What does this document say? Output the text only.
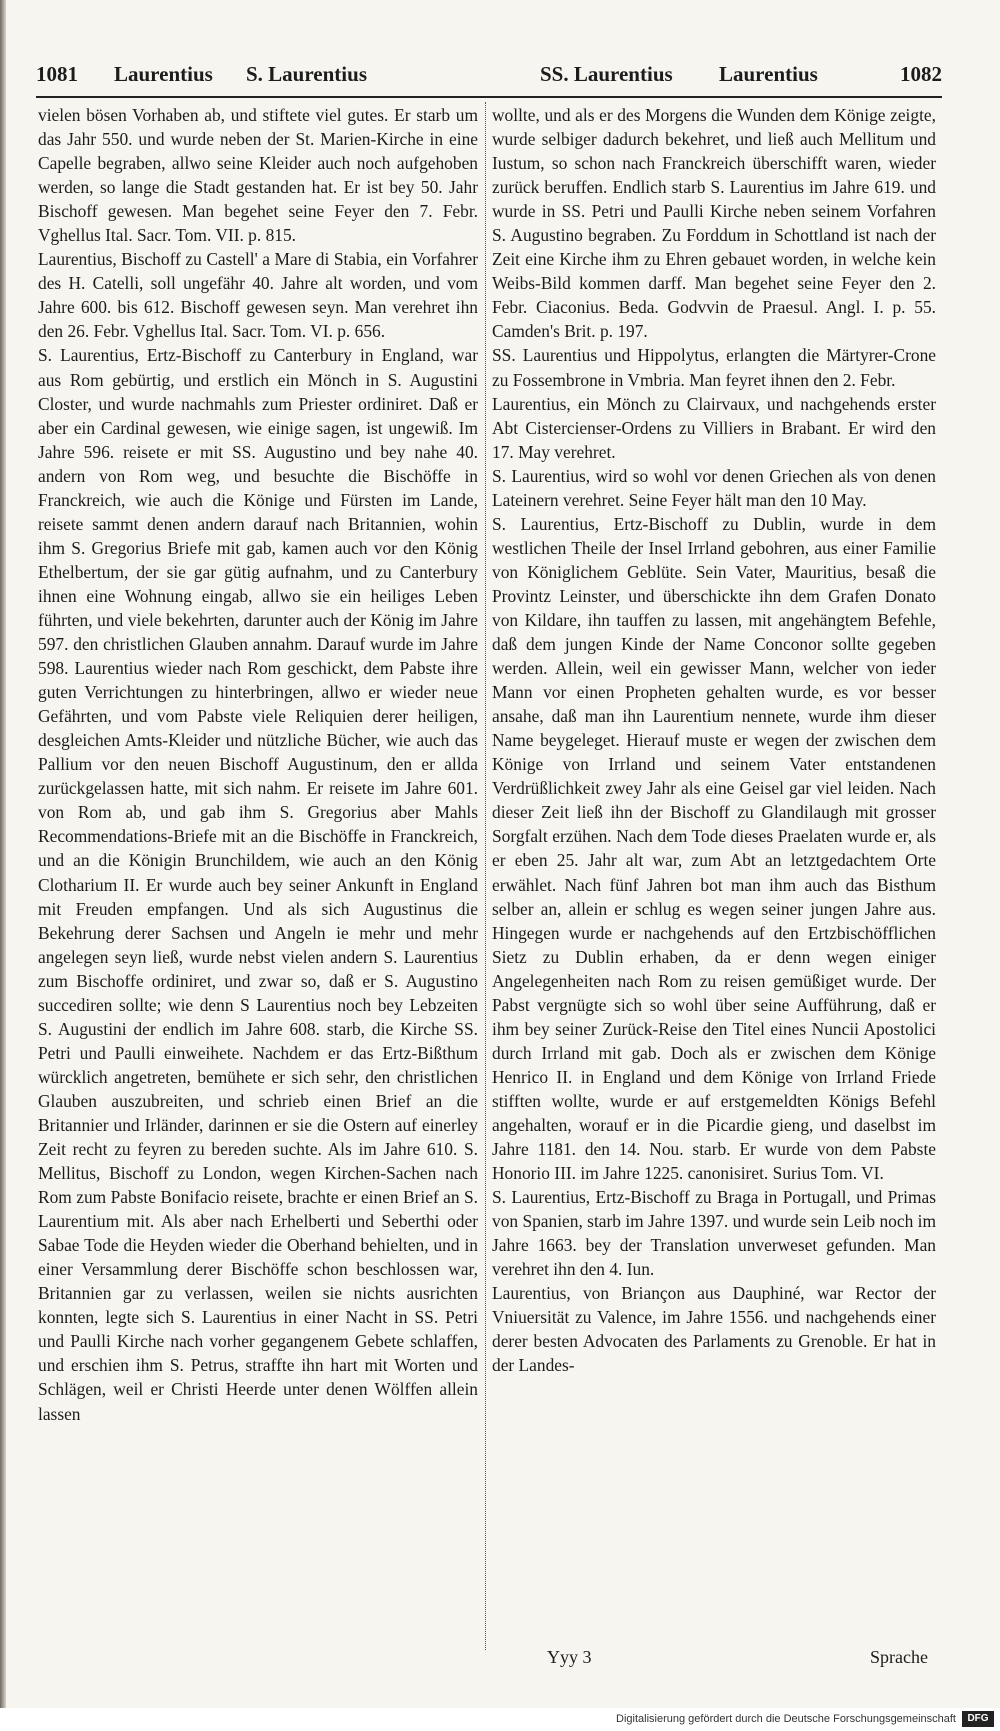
1081 Laurentius S. Laurentius	SS. Laurentius Laurentius	1082

vielen bösen Vorhaben ab, und stiftete viel gutes. Er starb um das Jahr 550. und wurde neben der St. Marien-Kirche in eine Capelle begraben, allwo seine Kleider auch noch aufgehoben werden, so lange die Stadt gestanden hat. Er ist bey 50. Jahr Bischoff gewesen. Man begehet seine Feyer den 7. Febr. Vghellus Ital. Sacr. Tom. VII. p. 815.

Laurentius, Bischoff zu Castell' a Mare di Stabia, ein Vorfahrer des H. Catelli, soll ungefähr 40. Jahre alt worden, und vom Jahre 600. bis 612. Bischoff gewesen seyn. Man verehret ihn den 26. Febr. Vghellus Ital. Sacr. Tom. VI. p. 656.

S. Laurentius, Ertz-Bischoff zu Canterbury in England, war aus Rom gebürtig, und erstlich ein Mönch in S. Augustini Closter, und wurde nachmahls zum Priester ordiniret. Daß er aber ein Cardinal gewesen, wie einige sagen, ist ungewiß. Im Jahre 596. reisete er mit SS. Augustino und bey nahe 40. andern von Rom weg, und besuchte die Bischöffe in Franckreich, wie auch die Könige und Fürsten im Lande, reisete sammt denen andern darauf nach Britannien, wohin ihm S. Gregorius Briefe mit gab, kamen auch vor den König Ethelbertum, der sie gar gütig aufnahm, und zu Canterbury ihnen eine Wohnung eingab, allwo sie ein heiliges Leben führten, und viele bekehrten, darunter auch der König im Jahre 597. den christlichen Glauben annahm. Darauf wurde im Jahre 598. Laurentius wieder nach Rom geschickt, dem Pabste ihre guten Verrichtungen zu hinterbringen, allwo er wieder neue Gefährten, und vom Pabste viele Reliquien derer heiligen, desgleichen Amts-Kleider und nützliche Bücher, wie auch das Pallium vor den neuen Bischoff Augustinum, den er allda zurückgelassen hatte, mit sich nahm. Er reisete im Jahre 601. von Rom ab, und gab ihm S. Gregorius aber Mahls Recommendations-Briefe mit an die Bischöffe in Franckreich, und an die Königin Brunchildem, wie auch an den König Clotharium II. Er wurde auch bey seiner Ankunft in England mit Freuden empfangen. Und als sich Augustinus die Bekehrung derer Sachsen und Angeln ie mehr und mehr angelegen seyn ließ, wurde nebst vielen andern S. Laurentius zum Bischoffe ordiniret, und zwar so, daß er S. Augustino succediren sollte; wie denn S Laurentius noch bey Lebzeiten S. Augustini der endlich im Jahre 608. starb, die Kirche SS. Petri und Paulli einweihete. Nachdem er das Ertz-Bißthum würcklich angetreten, bemühete er sich sehr, den christlichen Glauben auszubreiten, und schrieb einen Brief an die Britannier und Irländer, darinnen er sie die Ostern auf einerley Zeit recht zu feyren zu bereden suchte. Als im Jahre 610. S. Mellitus, Bischoff zu London, wegen Kirchen-Sachen nach Rom zum Pabste Bonifacio reisete, brachte er einen Brief an S. Laurentium mit. Als aber nach Erhelberti und Seberthi oder Sabae Tode die Heyden wieder die Oberhand behielten, und in einer Versammlung derer Bischöffe schon beschlossen war, Britannien gar zu verlassen, weilen sie nichts ausrichten konnten, legte sich S. Laurentius in einer Nacht in SS. Petri und Paulli Kirche nach vorher gegangenem Gebete schlaffen, und erschien ihm S. Petrus, straffte ihn hart mit Worten und Schlägen, weil er Christi Heerde unter denen Wölffen allein lassen

wollte, und als er des Morgens die Wunden dem Könige zeigte, wurde selbiger dadurch bekehret, und ließ auch Mellitum und Iustum, so schon nach Franckreich überschifft waren, wieder zurück beruffen. Endlich starb S. Laurentius im Jahre 619. und wurde in SS. Petri und Paulli Kirche neben seinem Vorfahren S. Augustino begraben. Zu Forddum in Schottland ist nach der Zeit eine Kirche ihm zu Ehren gebauet worden, in welche kein Weibs-Bild kommen darff. Man begehet seine Feyer den 2. Febr. Ciaconius. Beda. Godvvin de Praesul. Angl. I. p. 55. Camden's Brit. p. 197.

SS. Laurentius und Hippolytus, erlangten die Märtyrer-Crone zu Fossembrone in Vmbria. Man feyret ihnen den 2. Febr.

Laurentius, ein Mönch zu Clairvaux, und nachgehends erster Abt Cistercienser-Ordens zu Villiers in Brabant. Er wird den 17. May verehret.

S. Laurentius, wird so wohl vor denen Griechen als von denen Lateinern verehret. Seine Feyer hält man den 10 May.

S. Laurentius, Ertz-Bischoff zu Dublin, wurde in dem westlichen Theile der Insel Irrland gebohren, aus einer Familie von Königlichem Geblüte. Sein Vater, Mauritius, besaß die Provintz Leinster, und überschickte ihn dem Grafen Donato von Kildare, ihn tauffen zu lassen, mit angehängtem Befehle, daß dem jungen Kinde der Name Conconor sollte gegeben werden. Allein, weil ein gewisser Mann, welcher von ieder Mann vor einen Propheten gehalten wurde, es vor besser ansahe, daß man ihn Laurentium nennete, wurde ihm dieser Name beygeleget. Hierauf muste er wegen der zwischen dem Könige von Irrland und seinem Vater entstandenen Verdrüßlichkeit zwey Jahr als eine Geisel gar viel leiden. Nach dieser Zeit ließ ihn der Bischoff zu Glandilaugh mit grosser Sorgfalt erzühen. Nach dem Tode dieses Praelaten wurde er, als er eben 25. Jahr alt war, zum Abt an letztgedachtem Orte erwählet. Nach fünf Jahren bot man ihm auch das Bisthum selber an, allein er schlug es wegen seiner jungen Jahre aus. Hingegen wurde er nachgehends auf den Ertzbischöfflichen Sietz zu Dublin erhaben, da er denn wegen einiger Angelegenheiten nach Rom zu reisen gemüßiget wurde. Der Pabst vergnügte sich so wohl über seine Aufführung, daß er ihm bey seiner Zurück-Reise den Titel eines Nuncii Apostolici durch Irrland mit gab. Doch als er zwischen dem Könige Henrico II. in England und dem Könige von Irrland Friede stifften wollte, wurde er auf erstgemeldten Königs Befehl angehalten, worauf er in die Picardie gieng, und daselbst im Jahre 1181. den 14. Nou. starb. Er wurde von dem Pabste Honorio III. im Jahre 1225. canonisiret. Surius Tom. VI.

S. Laurentius, Ertz-Bischoff zu Braga in Portugall, und Primas von Spanien, starb im Jahre 1397. und wurde sein Leib noch im Jahre 1663. bey der Translation unverweset gefunden. Man verehret ihn den 4. Iun.

Laurentius, von Briançon aus Dauphiné, war Rector der Vniuersität zu Valence, im Jahre 1556. und nachgehends einer derer besten Advocaten des Parlaments zu Grenoble. Er hat in der Landes-

Yyy 3	Sprache
Digitalisierung gefördert durch die Deutsche Forschungsgemeinschaft	DFG
